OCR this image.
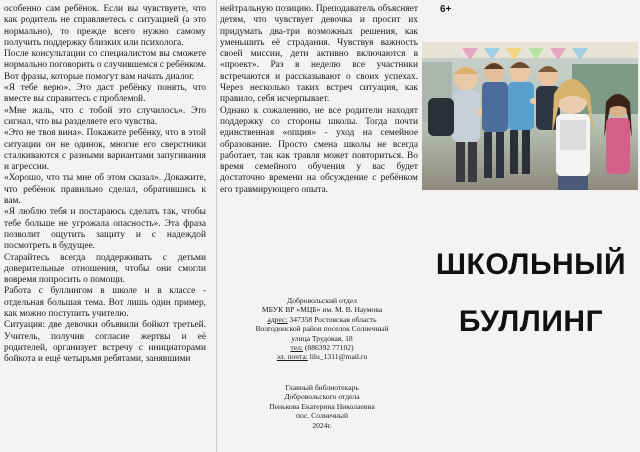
особенно сам ребёнок. Если вы чувствуете, что как родитель не справляетесь с ситуацией (а это нормально), то прежде всего нужно самому получить поддержку близких или психолога.

После консультации со специалистом вы сможете нормально поговорить о случившемся с ребёнком. Вот фразы, которые помогут вам начать диалог.

«Я тебе верю». Это даст ребёнку понять, что вместе вы справитесь с проблемой.

«Мне жаль, что с тобой это случилось». Это сигнал, что вы разделяете его чувства.

«Это не твоя вина». Покажите ребёнку, что в этой ситуации он не одинок, многие его сверстники сталкиваются с разными вариантами запугивания и агрессии.

«Хорошо, что ты мне об этом сказал». Докажите, что ребёнок правильно сделал, обратившись к вам.

«Я люблю тебя и постараюсь сделать так, чтобы тебе больше не угрожала опасность». Эта фраза позволит ощутить защиту и с надеждой посмотреть в будущее.

Старайтесь всегда поддерживать с детьми доверительные отношения, чтобы они смогли вовремя попросить о помощи.

Работа с буллингом в школе и в классе - отдельная большая тема. Вот лишь один пример, как можно поступить учителю.

Ситуация: две девочки объявили бойкот третьей. Учитель, получив согласие жертвы и её родителей, организует встречу с инициаторами бойкота и ещё четырьмя ребятами, занявшими

нейтральную позицию. Преподаватель объясняет детям, что чувствует девочка и просит их придумать два-три возможных решения, как уменьшить её страдания. Чувствуя важность своей миссии, дети активно включаются в «проект». Раз в неделю все участники встречаются и рассказывают о своих успехах. Через несколько таких встреч ситуация, как правило, себя исчерпывает.

Однако к сожалению, не все родители находят поддержку со стороны школы. Тогда почти единственная «опция» - уход на семейное образование. Просто смена школы не всегда работает, так как травля может повториться. Во время семейного обучения у вас будет достаточно времени на обсуждение с ребёнком его травмирующего опыта.

6+
ШКОЛЬНЫЙ
БУЛЛИНГ
Добровольский отдел
МБУК ВР «МЦБ» им. М. В. Наумова
адрес: 347358 Ростовская область
Волгодонской район поселок Солнечный
улица Трудовая, 18
тел: (886392 77102)
эл. почта: lilu_1311@mail.ru
Главный библиотекарь
Добровольского отдела
Пенькова Екатерина Николаевна
пос. Солнечный
2024г.
